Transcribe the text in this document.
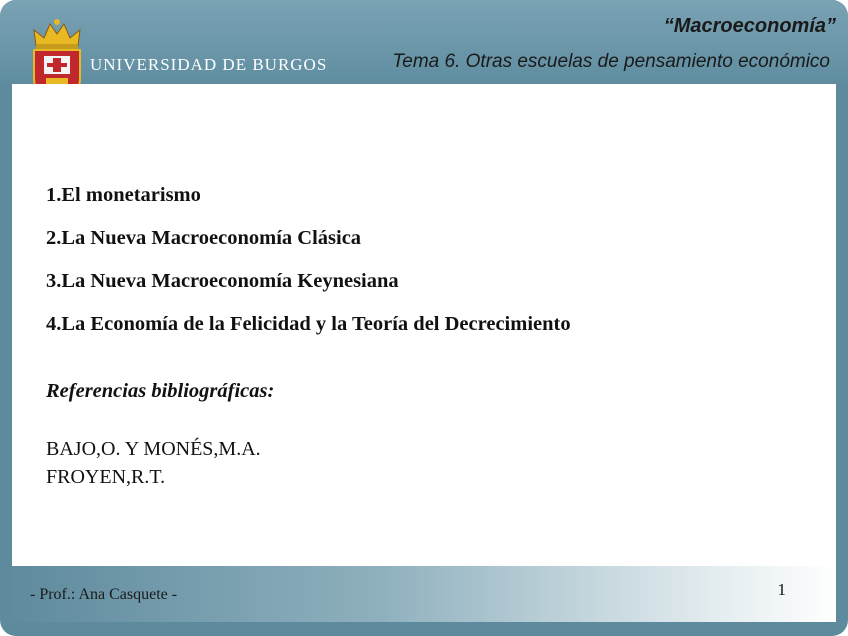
UNIVERSIDAD DE BURGOS
“Macroeconomía”
Tema 6. Otras escuelas de pensamiento económico
1.El monetarismo
2.La Nueva Macroeconomía Clásica
3.La Nueva Macroeconomía Keynesiana
4.La Economía de la Felicidad y la Teoría del Decrecimiento
Referencias bibliográficas:
BAJO,O. Y MONÉS,M.A.
FROYEN,R.T.
- Prof.: Ana Casquete -	1
